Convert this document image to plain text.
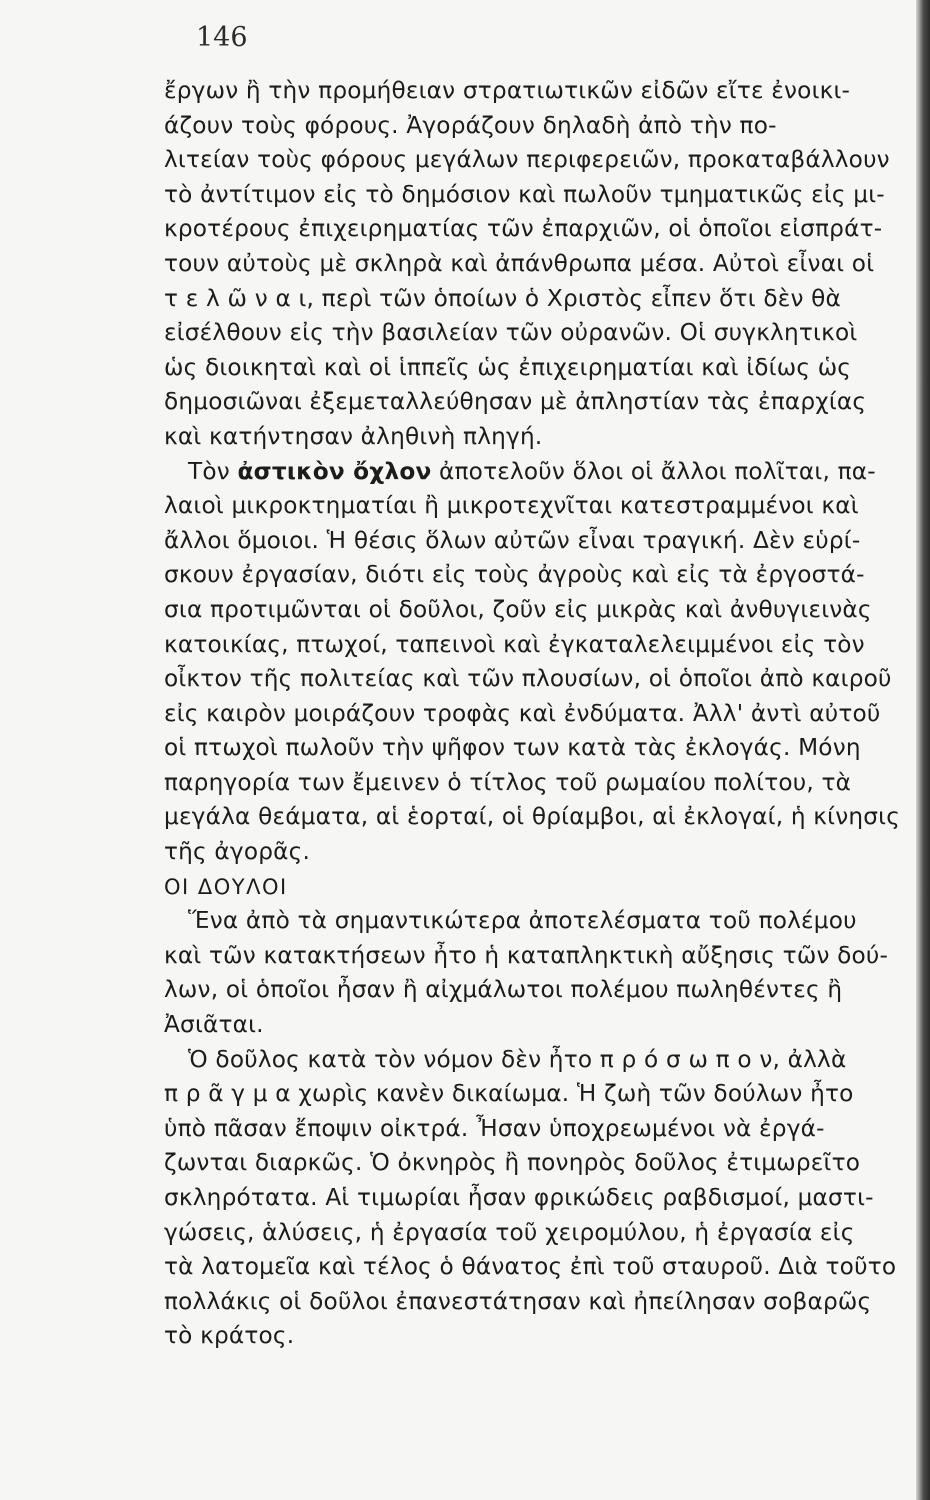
146
ἔργων ἢ τὴν προμήθειαν στρατιωτικῶν εἰδῶν εἴτε ἐνοικι-
άζουν τοὺς φόρους. Ἀγοράζουν δηλαδὴ ἀπὸ τὴν πο-
λιτείαν τοὺς φόρους μεγάλων περιφερειῶν, προκαταβάλλουν
τὸ ἀντίτιμον εἰς τὸ δημόσιον καὶ πωλοῦν τμηματικῶς εἰς μι-
κροτέρους ἐπιχειρηματίας τῶν ἐπαρχιῶν, οἱ ὁποῖοι εἰσπράτ-
τουν αὐτοὺς μὲ σκληρὰ καὶ ἀπάνθρωπα μέσα. Αὐτοὶ εἶναι οἱ
τ ε λ ῶ ν α ι, περὶ τῶν ὁποίων ὁ Χριστὸς εἶπεν ὅτι δὲν θὰ
εἰσέλθουν εἰς τὴν βασιλείαν τῶν οὐρανῶν. Οἱ συγκλητικοὶ
ὡς διοικηταὶ καὶ οἱ ἱππεῖς ὡς ἐπιχειρηματίαι καὶ ἰδίως ὡς
δημοσιῶναι ἐξεμεταλλεύθησαν μὲ ἀπληστίαν τὰς ἐπαρχίας
καὶ κατήντησαν ἀληθινὴ πληγή.
Τὸν ἀστικὸν ὄχλον ἀποτελοῦν ὅλοι οἱ ἄλλοι πολῖται, πα-
λαιοὶ μικροκτηματίαι ἢ μικροτεχνῖται κατεστραμμένοι καὶ
ἄλλοι ὅμοιοι. Ἡ θέσις ὅλων αὐτῶν εἶναι τραγική. Δὲν εὑρί-
σκουν ἐργασίαν, διότι εἰς τοὺς ἀγροὺς καὶ εἰς τὰ ἐργοστά-
σια προτιμῶνται οἱ δοῦλοι, ζοῦν εἰς μικρὰς καὶ ἀνθυγιεινὰς
κατοικίας, πτωχοί, ταπεινοὶ καὶ ἐγκαταλελειμμένοι εἰς τὸν
οἶκτον τῆς πολιτείας καὶ τῶν πλουσίων, οἱ ὁποῖοι ἀπὸ καιροῦ
εἰς καιρὸν μοιράζουν τροφὰς καὶ ἐνδύματα. Ἀλλ' ἀντὶ αὐτοῦ
οἱ πτωχοὶ πωλοῦν τὴν ψῆφον των κατὰ τὰς ἐκλογάς. Μόνη
παρηγορία των ἔμεινεν ὁ τίτλος τοῦ ρωμαίου πολίτου, τὰ
μεγάλα θεάματα, αἱ ἑορταί, οἱ θρίαμβοι, αἱ ἐκλογαί, ἡ κίνησις
τῆς ἀγορᾶς.
ΟΙ ΔΟΥΛΟΙ
Ἕνα ἀπὸ τὰ σημαντικώτερα ἀποτελέσματα τοῦ πολέμου
καὶ τῶν κατακτήσεων ἦτο ἡ καταπληκτικὴ αὔξησις τῶν δού-
λων, οἱ ὁποῖοι ἦσαν ἢ αἰχμάλωτοι πολέμου πωληθέντες ἢ
Ἀσιᾶται.
Ὁ δοῦλος κατὰ τὸν νόμον δὲν ἦτο π ρ ό σ ω π ο ν, ἀλλὰ
π ρ ᾶ γ μ α χωρὶς κανὲν δικαίωμα. Ἡ ζωὴ τῶν δούλων ἦτο
ὑπὸ πᾶσαν ἔποψιν οἰκτρά. Ἦσαν ὑποχρεωμένοι νὰ ἐργά-
ζωνται διαρκῶς. Ὁ ὀκνηρὸς ἢ πονηρὸς δοῦλος ἐτιμωρεῖτο
σκληρότατα. Αἱ τιμωρίαι ἦσαν φρικώδεις ραβδισμοί, μαστι-
γώσεις, ἁλύσεις, ἡ ἐργασία τοῦ χειρομύλου, ἡ ἐργασία εἰς
τὰ λατομεῖα καὶ τέλος ὁ θάνατος ἐπὶ τοῦ σταυροῦ. Διὰ τοῦτο
πολλάκις οἱ δοῦλοι ἐπανεστάτησαν καὶ ἠπείλησαν σοβαρῶς
τὸ κράτος.
